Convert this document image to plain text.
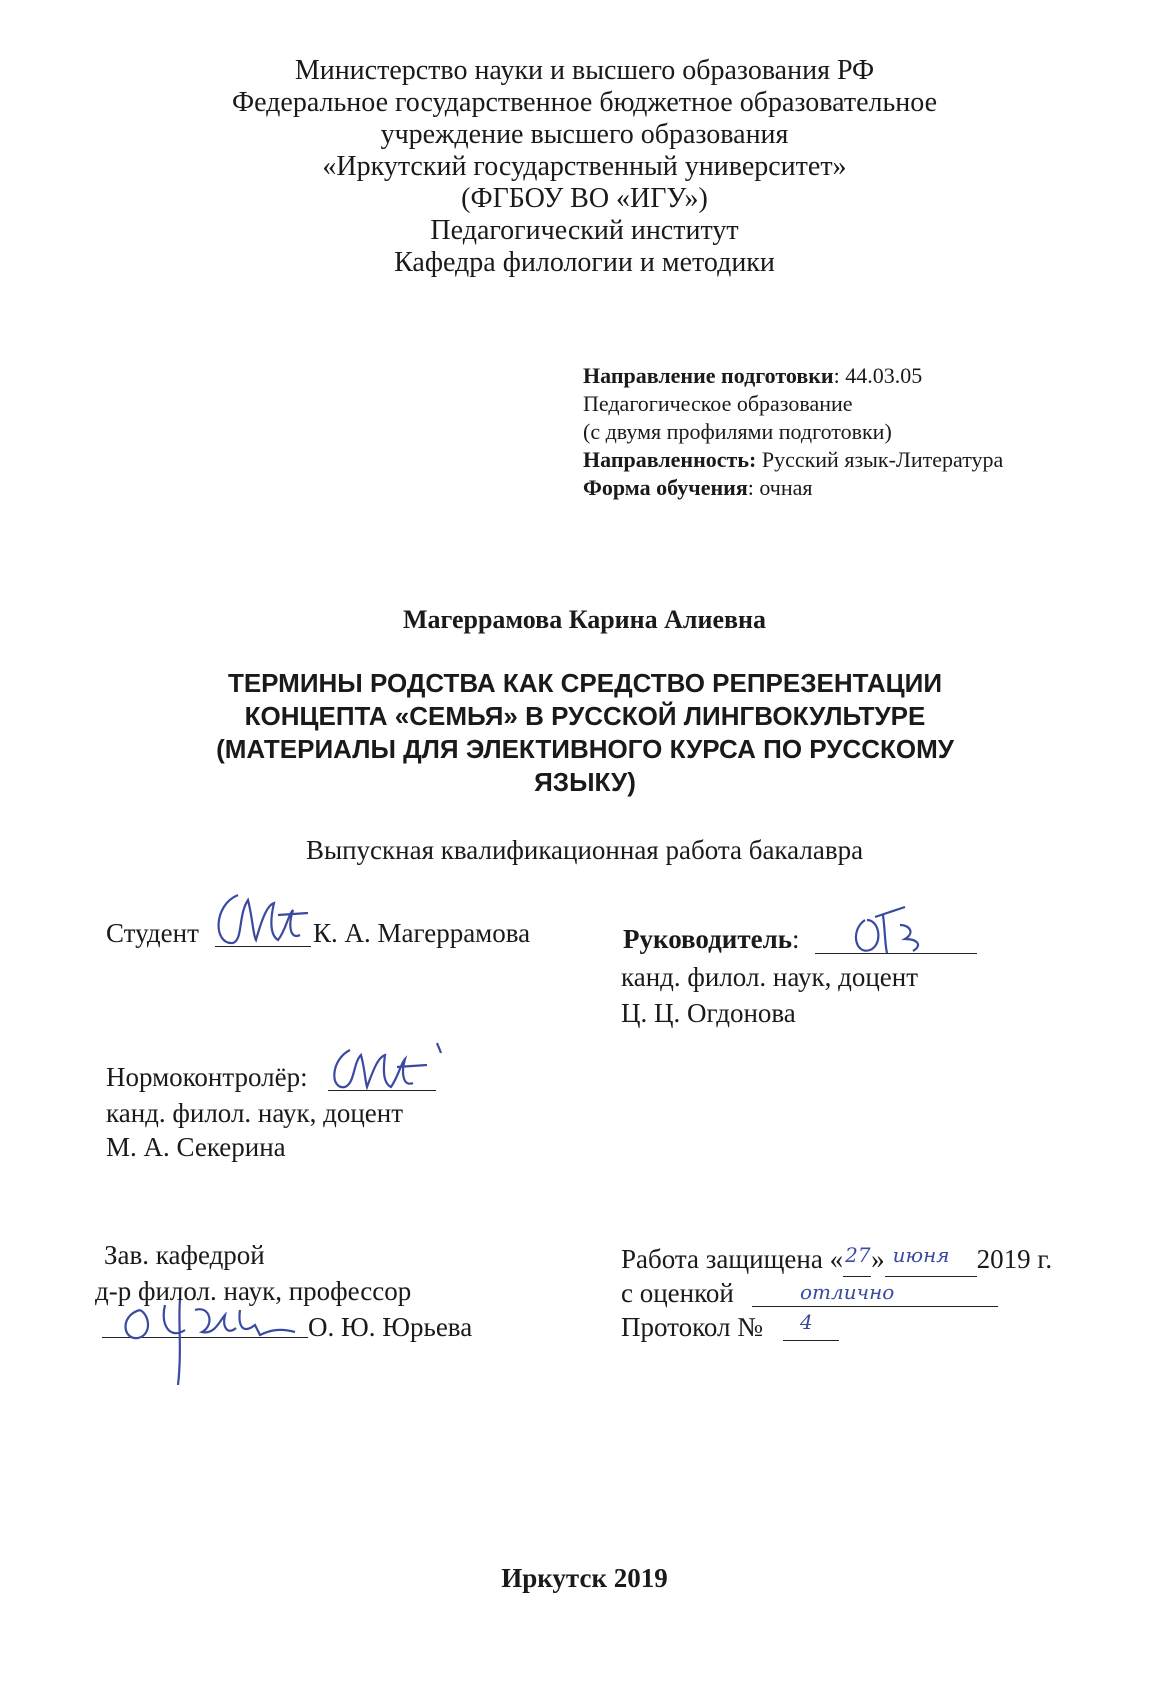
Министерство науки и высшего образования РФ
Федеральное государственное бюджетное образовательное
учреждение высшего образования
«Иркутский государственный университет»
(ФГБОУ ВО «ИГУ»)
Педагогический институт
Кафедра филологии и методики
Направление подготовки: 44.03.05
Педагогическое образование
(с двумя профилями подготовки)
Направленность: Русский язык-Литература
Форма обучения: очная
Магеррамова Карина Алиевна
ТЕРМИНЫ РОДСТВА КАК СРЕДСТВО РЕПРЕЗЕНТАЦИИ
КОНЦЕПТА «СЕМЬЯ» В РУССКОЙ ЛИНГВОКУЛЬТУРЕ
(МАТЕРИАЛЫ ДЛЯ ЭЛЕКТИВНОГО КУРСА ПО РУССКОМУ
ЯЗЫКУ)
Выпускная квалификационная работа бакалавра
Студент	К. А. Магеррамова	Руководитель:
канд. филол. наук, доцент
Ц. Ц. Огдонова
Нормоконтролёр:
канд. филол. наук, доцент
М. А. Секерина
Зав. кафедрой
д-р филол. наук, профессор
О. Ю. Юрьева
Работа защищена « 27 » июня 2019 г.
с оценкой	отлично
Протокол № 4
Иркутск 2019
